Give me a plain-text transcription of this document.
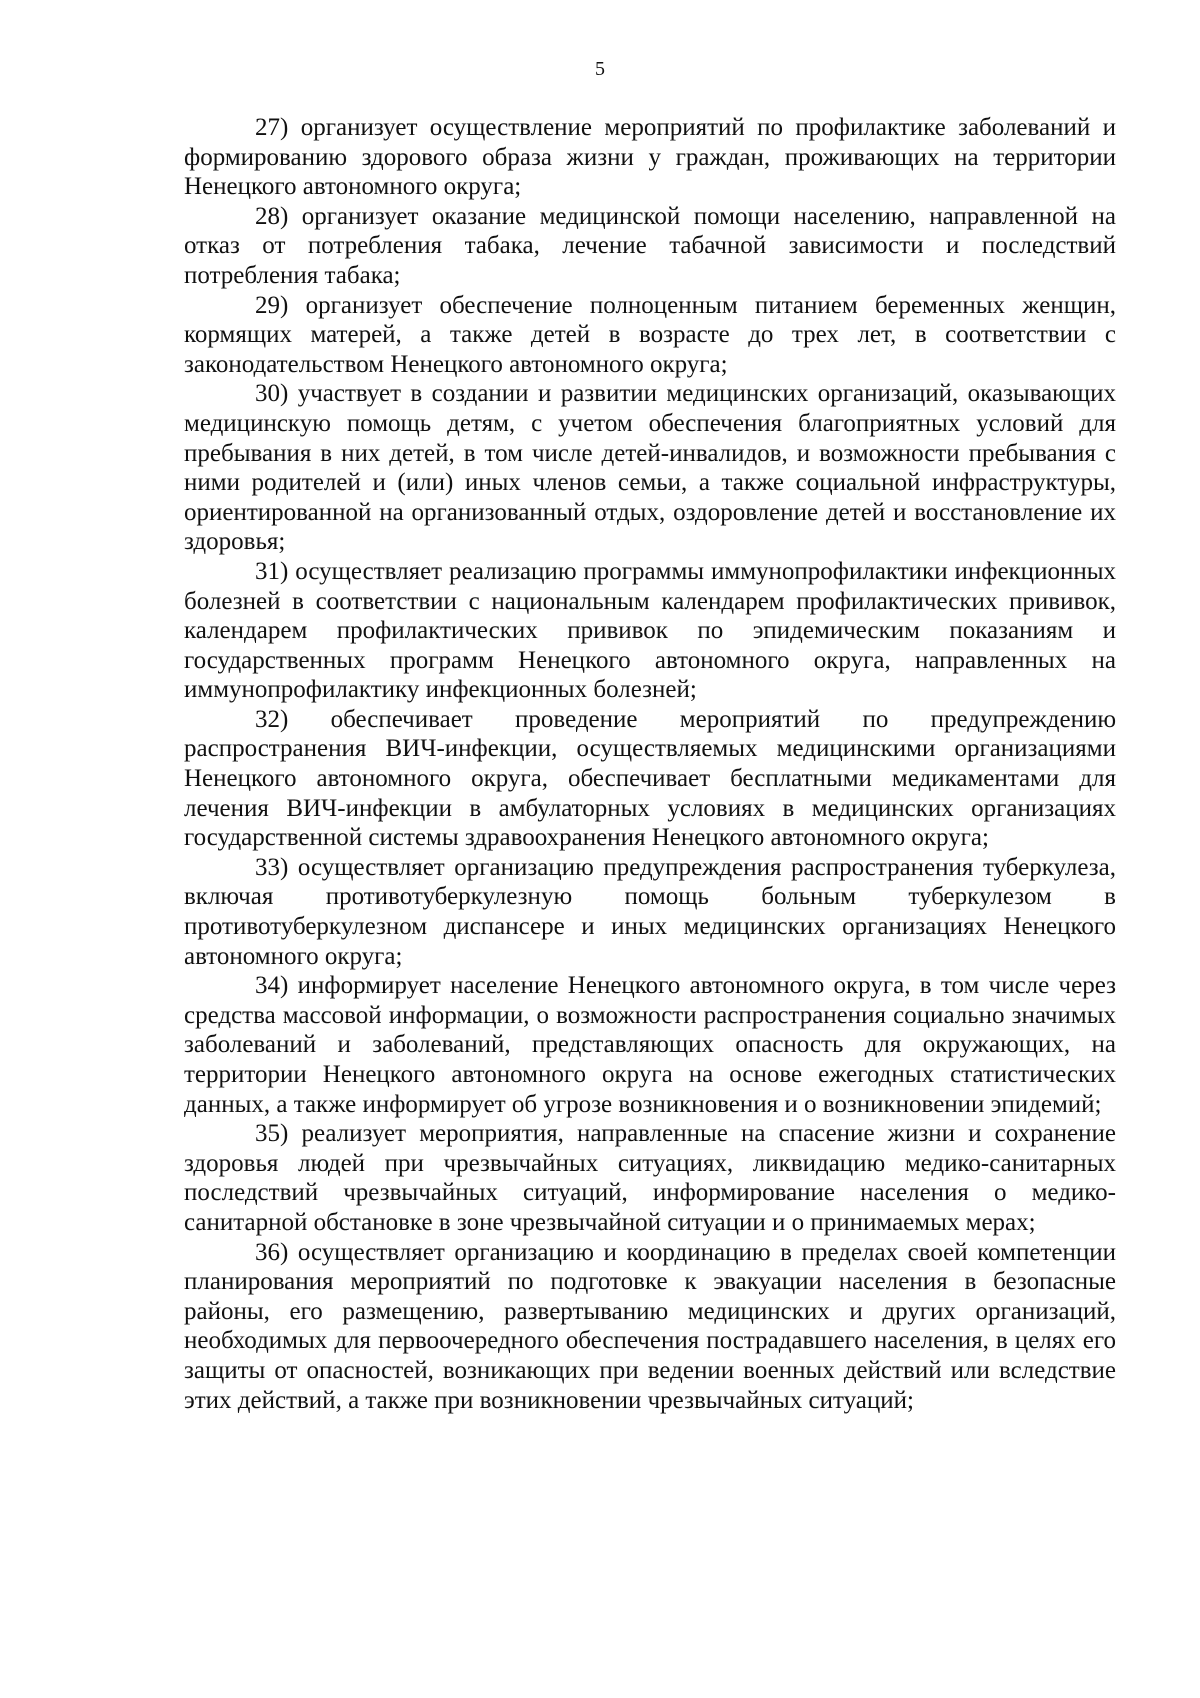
5

27) организует осуществление мероприятий по профилактике заболеваний и формированию здорового образа жизни у граждан, проживающих на территории Ненецкого автономного округа;

28) организует оказание медицинской помощи населению, направленной на отказ от потребления табака, лечение табачной зависимости и последствий потребления табака;

29) организует обеспечение полноценным питанием беременных женщин, кормящих матерей, а также детей в возрасте до трех лет, в соответствии с законодательством Ненецкого автономного округа;

30) участвует в создании и развитии медицинских организаций, оказывающих медицинскую помощь детям, с учетом обеспечения благоприятных условий для пребывания в них детей, в том числе детей-инвалидов, и возможности пребывания с ними родителей и (или) иных членов семьи, а также социальной инфраструктуры, ориентированной на организованный отдых, оздоровление детей и восстановление их здоровья;

31) осуществляет реализацию программы иммунопрофилактики инфекционных болезней в соответствии с национальным календарем профилактических прививок, календарем профилактических прививок по эпидемическим показаниям и государственных программ Ненецкого автономного округа, направленных на иммунопрофилактику инфекционных болезней;

32) обеспечивает проведение мероприятий по предупреждению распространения ВИЧ-инфекции, осуществляемых медицинскими организациями Ненецкого автономного округа, обеспечивает бесплатными медикаментами для лечения ВИЧ-инфекции в амбулаторных условиях в медицинских организациях государственной системы здравоохранения Ненецкого автономного округа;

33) осуществляет организацию предупреждения распространения туберкулеза, включая противотуберкулезную помощь больным туберкулезом в противотуберкулезном диспансере и иных медицинских организациях Ненецкого автономного округа;

34) информирует население Ненецкого автономного округа, в том числе через средства массовой информации, о возможности распространения социально значимых заболеваний и заболеваний, представляющих опасность для окружающих, на территории Ненецкого автономного округа на основе ежегодных статистических данных, а также информирует об угрозе возникновения и о возникновении эпидемий;

35) реализует мероприятия, направленные на спасение жизни и сохранение здоровья людей при чрезвычайных ситуациях, ликвидацию медико-санитарных последствий чрезвычайных ситуаций, информирование населения о медико-санитарной обстановке в зоне чрезвычайной ситуации и о принимаемых мерах;

36) осуществляет организацию и координацию в пределах своей компетенции планирования мероприятий по подготовке к эвакуации населения в безопасные районы, его размещению, развертыванию медицинских и других организаций, необходимых для первоочередного обеспечения пострадавшего населения, в целях его защиты от опасностей, возникающих при ведении военных действий или вследствие этих действий, а также при возникновении чрезвычайных ситуаций;
